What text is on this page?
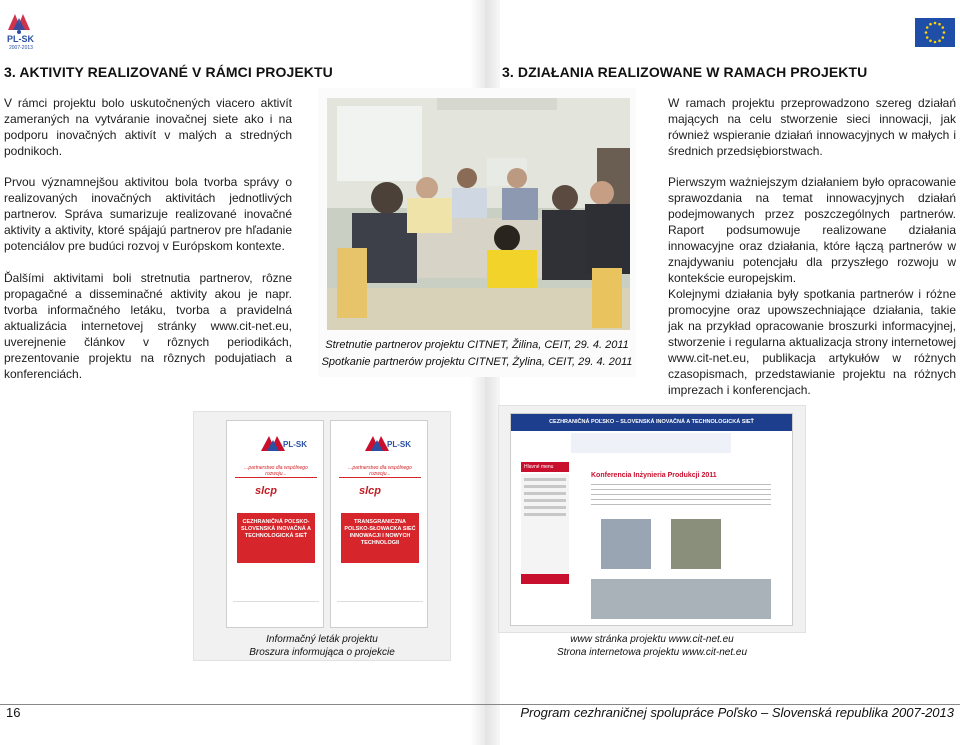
PL-SK
2007-2013
3. AKTIVITY REALIZOVANÉ V RÁMCI PROJEKTU
V rámci projektu bolo uskutočnených viacero aktivít zameraných na vytváranie inovačnej siete ako i na podporu inovačných aktivít v malých a stredných podnikoch.
Prvou významnejšou aktivitou bola tvorba správy o realizovaných inovačných aktivitách jednotlivých partnerov. Správa sumarizuje realizované inovačné aktivity a aktivity, ktoré spájajú partnerov pre hľadanie potenciálov pre budúci rozvoj v Európskom kontexte.
Ďalšími aktivitami boli stretnutia partnerov, rôzne propagačné a disseminačné aktivity akou je napr. tvorba informačného letáku, tvorba a pravidelná aktualizácia internetovej stránky www.cit-net.eu, uverejnenie článkov v rôznych periodikách, prezentovanie projektu na rôznych podujatiach a konferenciách.
Stretnutie partnerov projektu CITNET, Žilina, CEIT, 29. 4. 2011
Spotkanie partnerów projektu CITNET, Żylina, CEIT, 29. 4. 2011
3. DZIAŁANIA REALIZOWANE W RAMACH PROJEKTU
W ramach projektu przeprowadzono szereg działań mających na celu stworzenie sieci innowacji, jak również wspieranie działań innowacyjnych w małych i średnich przedsiębiorstwach.
Pierwszym ważniejszym działaniem było opracowanie sprawozdania na temat innowacyjnych działań podejmowanych przez poszczególnych partnerów. Raport podsumowuje realizowane działania innowacyjne oraz działania, które łączą partnerów w znajdywaniu potencjału dla przyszłego rozwoju w kontekście europejskim.
Kolejnymi działania były spotkania partnerów i różne promocyjne oraz upowszechniające działania, takie jak na przykład opracowanie broszurki informacyjnej, stworzenie i regularna aktualizacja strony internetowej www.cit-net.eu, publikacja artykułów w różnych czasopismach, przedstawianie projektu na różnych imprezach i konferencjach.
PL-SK
...partnerstwo dla wspólnego rozwoju...
slcp
CEZHRANIČNÁ POĽSKO-SLOVENSKÁ INOVAČNÁ A TECHNOLOGICKÁ SIEŤ
PL-SK
...partnerstwo dla wspólnego rozwoju...
slcp
TRANSGRANICZNA POLSKO-SŁOWACKA SIEĆ INNOWACJI I NOWYCH TECHNOLOGII
Informačný leták projektu
Broszura informująca o projekcie
CEZHRANIČNÁ POĽSKO – SLOVENSKÁ INOVAČNÁ A TECHNOLOGICKÁ SIEŤ
Hlavné menu
Konferencia Inżynieria Produkcji 2011
www stránka projektu www.cit-net.eu
Strona internetowa projektu www.cit-net.eu
16	Program cezhraničnej spolupráce Poľsko – Slovenská republika 2007-2013
